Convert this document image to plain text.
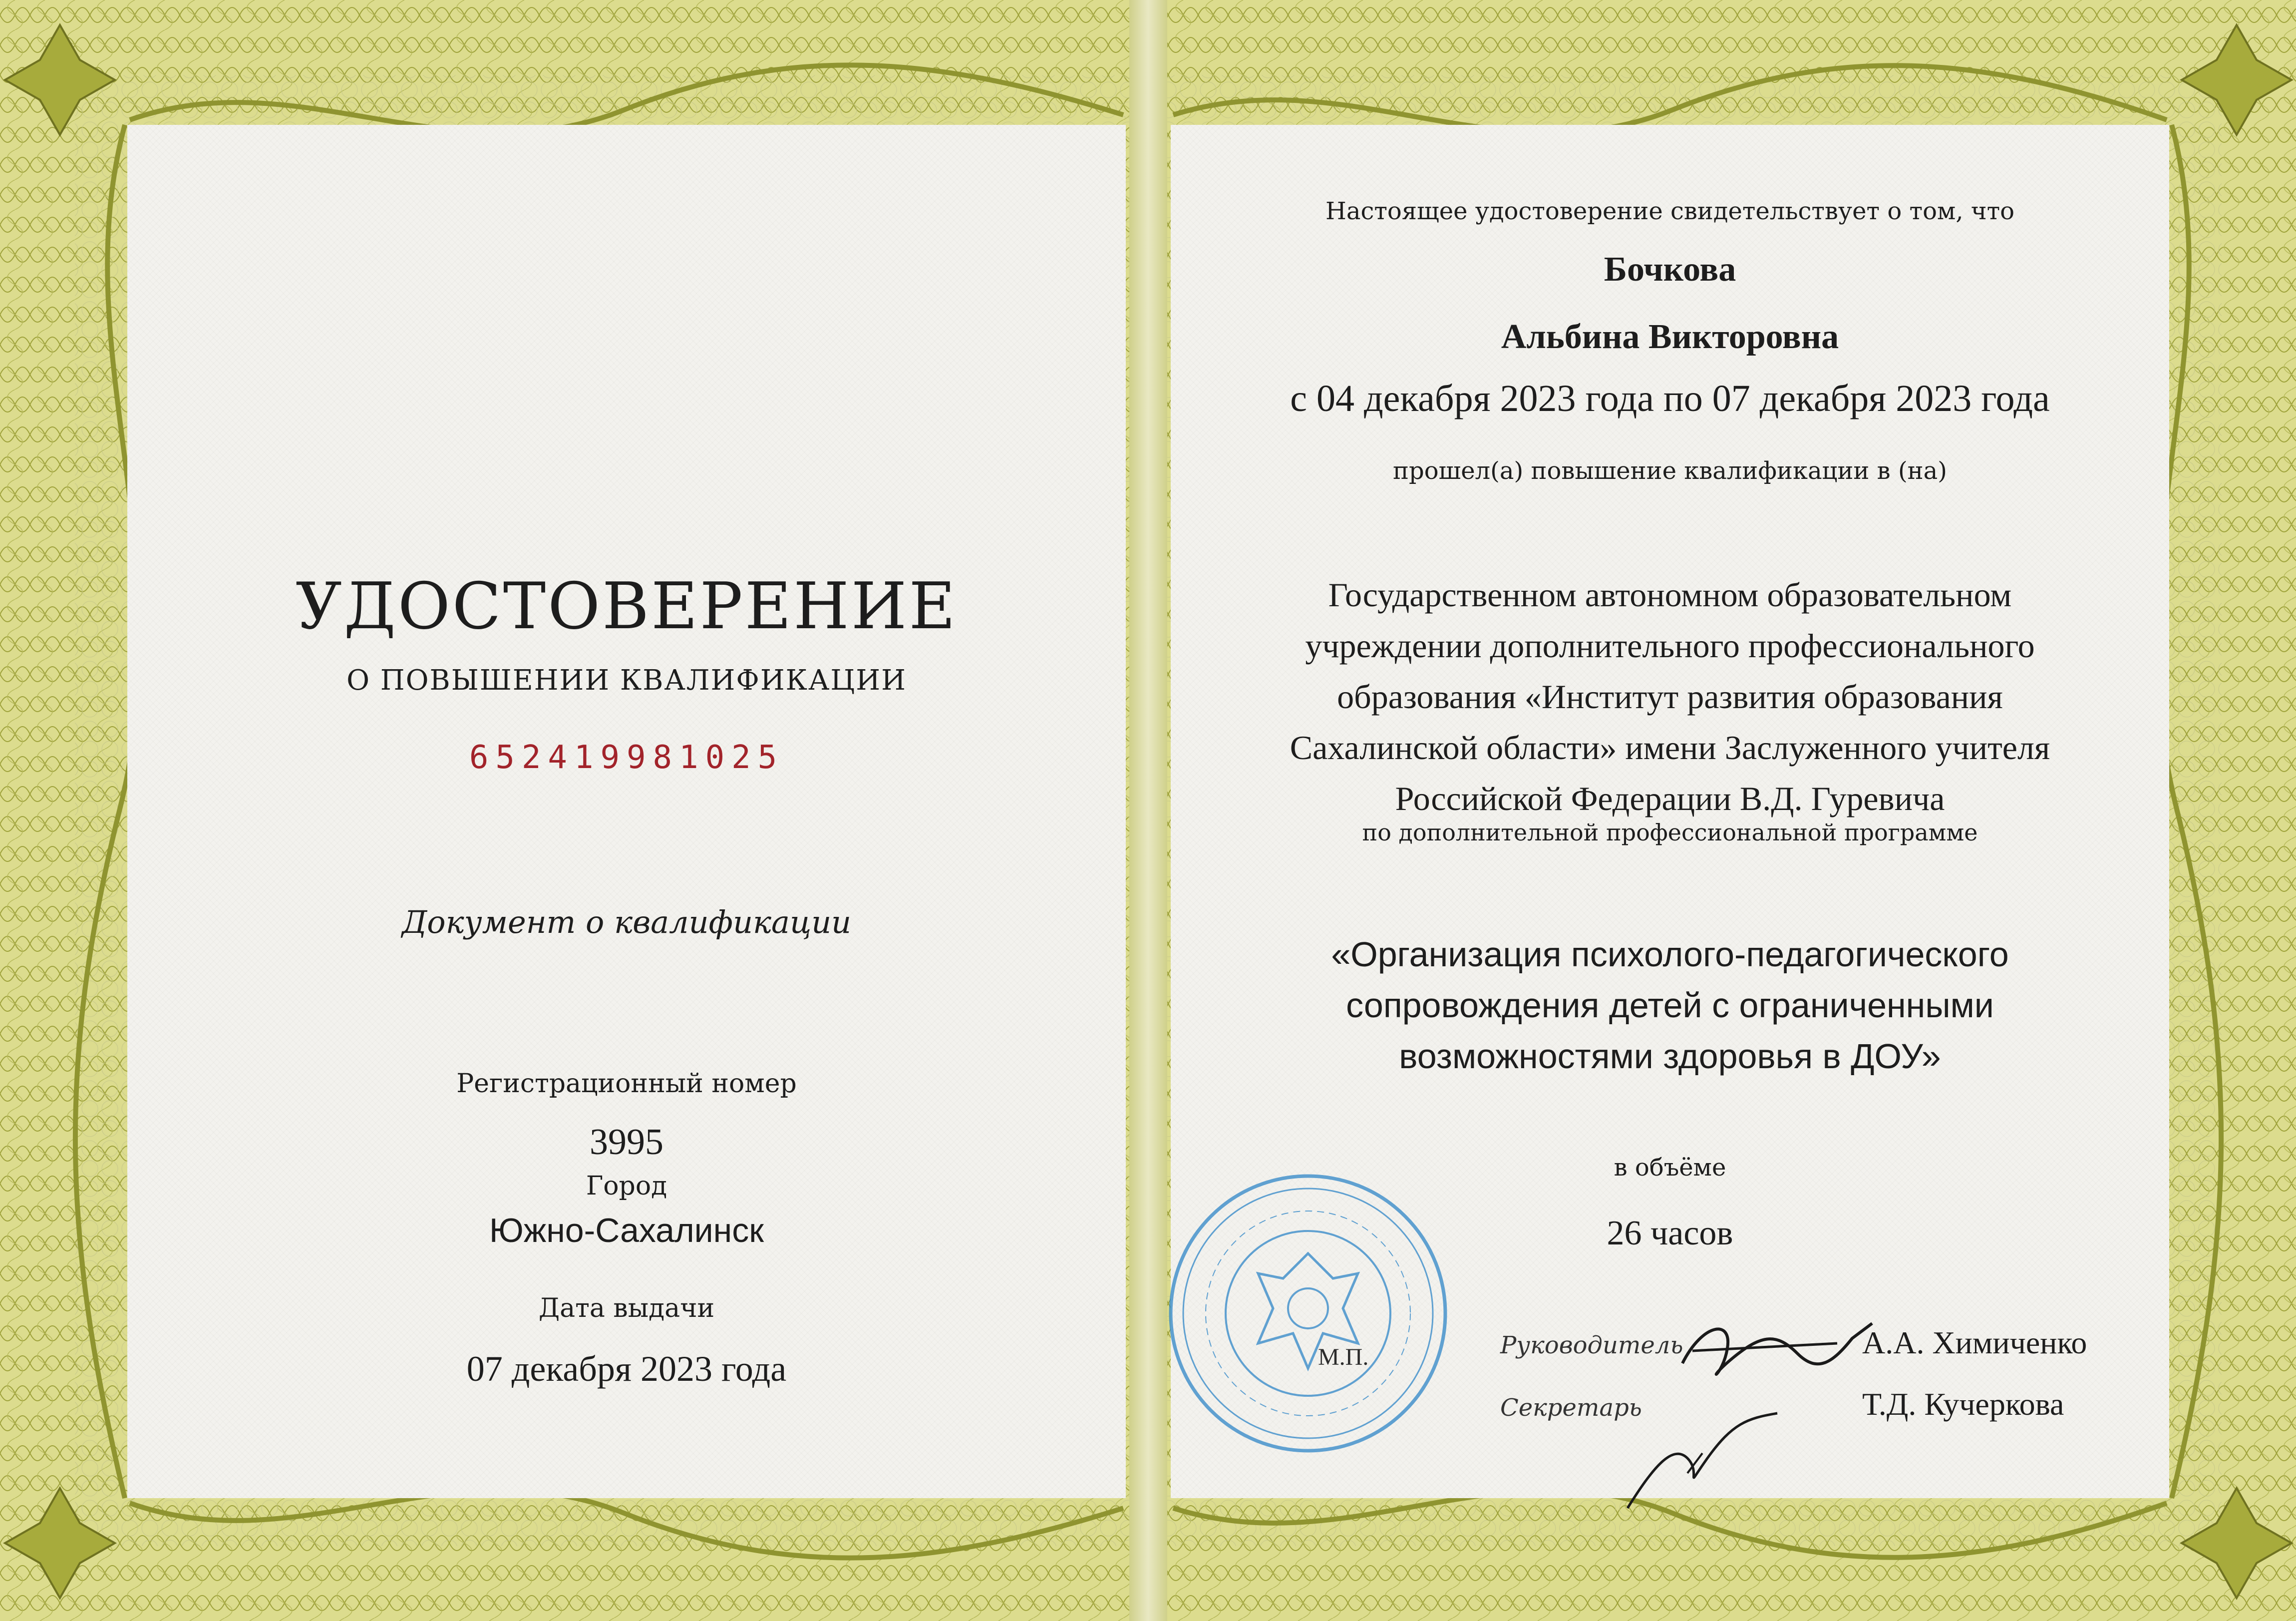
УДОСТОВЕРЕНИЕ
О ПОВЫШЕНИИ КВАЛИФИКАЦИИ
652419981025
Документ о квалификации
Регистрационный номер
3995
Город
Южно-Сахалинск
Дата выдачи
07 декабря 2023 года
Настоящее удостоверение свидетельствует о том, что
Бочкова
Альбина Викторовна
с 04 декабря 2023 года по 07 декабря 2023 года
прошел(а) повышение квалификации в (на)
Государственном автономном образовательном
учреждении дополнительного профессионального
образования «Институт развития образования
Сахалинской области» имени Заслуженного учителя
Российской Федерации В.Д. Гуревича
по дополнительной профессиональной программе
«Организация психолого-педагогического
сопровождения детей с ограниченными
возможностями здоровья в ДОУ»
в объёме
26 часов
М.П.	Руководитель	А.А. Химиченко
Секретарь	Т.Д. Кучеркова
